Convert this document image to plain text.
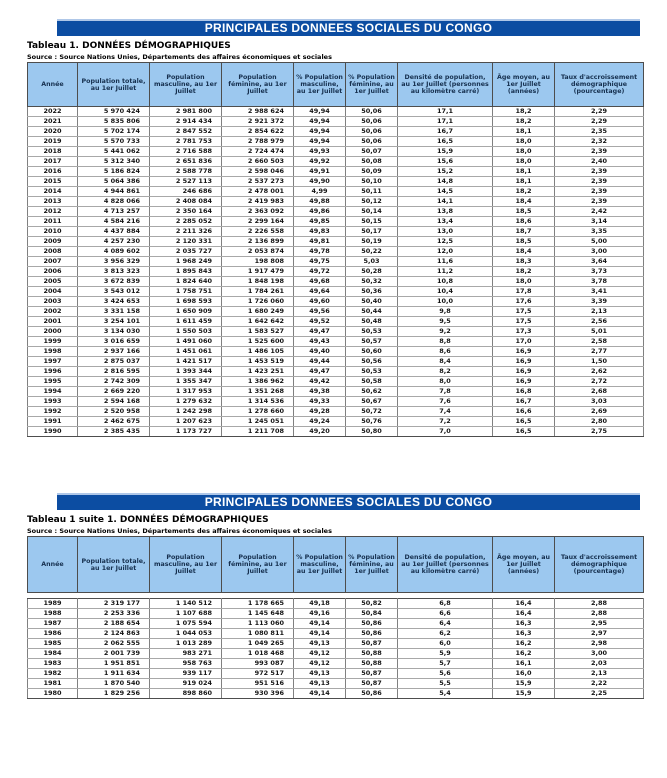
PRINCIPALES DONNEES SOCIALES DU CONGO
Tableau 1. DONNÉES DÉMOGRAPHIQUES
Source : Source Nations Unies, Départements des affaires économiques et sociales
Année	Population totale, au 1er Juillet	Population masculine, au 1er Juillet	Population féminine, au 1er Juillet	% Population masculine, au 1er Juillet	% Population féminine, au 1er Juillet	Densité de population, au 1er Juillet (personnes au kilomètre carré)	Âge moyen, au 1er Juillet (années)	Taux d'accroissement démographique (pourcentage)
2022	5 970 424	2 981 800	2 988 624	49,94	50,06	17,1	18,2	2,29
2021	5 835 806	2 914 434	2 921 372	49,94	50,06	17,1	18,2	2,29
2020	5 702 174	2 847 552	2 854 622	49,94	50,06	16,7	18,1	2,35
2019	5 570 733	2 781 753	2 788 979	49,94	50,06	16,5	18,0	2,32
2018	5 441 062	2 716 588	2 724 474	49,93	50,07	15,9	18,0	2,39
2017	5 312 340	2 651 836	2 660 503	49,92	50,08	15,6	18,0	2,40
2016	5 186 824	2 588 778	2 598 046	49,91	50,09	15,2	18,1	2,39
2015	5 064 386	2 527 113	2 537 273	49,90	50,10	14,8	18,1	2,39
2014	4 944 861	246 686	2 478 001	4,99	50,11	14,5	18,2	2,39
2013	4 828 066	2 408 084	2 419 983	49,88	50,12	14,1	18,4	2,39
2012	4 713 257	2 350 164	2 363 092	49,86	50,14	13,8	18,5	2,42
2011	4 584 216	2 285 052	2 299 164	49,85	50,15	13,4	18,6	3,14
2010	4 437 884	2 211 326	2 226 558	49,83	50,17	13,0	18,7	3,35
2009	4 257 230	2 120 331	2 136 899	49,81	50,19	12,5	18,5	5,00
2008	4 089 602	2 035 727	2 053 874	49,78	50,22	12,0	18,4	3,00
2007	3 956 329	1 968 249	198 808	49,75	5,03	11,6	18,3	3,64
2006	3 813 323	1 895 843	1 917 479	49,72	50,28	11,2	18,2	3,73
2005	3 672 839	1 824 640	1 848 198	49,68	50,32	10,8	18,0	3,78
2004	3 543 012	1 758 751	1 784 261	49,64	50,36	10,4	17,8	3,41
2003	3 424 653	1 698 593	1 726 060	49,60	50,40	10,0	17,6	3,39
2002	3 331 158	1 650 909	1 680 249	49,56	50,44	9,8	17,5	2,13
2001	3 254 101	1 611 459	1 642 642	49,52	50,48	9,5	17,5	2,56
2000	3 134 030	1 550 503	1 583 527	49,47	50,53	9,2	17,3	5,01
1999	3 016 659	1 491 060	1 525 600	49,43	50,57	8,8	17,0	2,58
1998	2 937 166	1 451 061	1 486 105	49,40	50,60	8,6	16,9	2,77
1997	2 875 037	1 421 517	1 453 519	49,44	50,56	8,4	16,9	1,50
1996	2 816 595	1 393 344	1 423 251	49,47	50,53	8,2	16,9	2,62
1995	2 742 309	1 355 347	1 386 962	49,42	50,58	8,0	16,9	2,72
1994	2 669 220	1 317 953	1 351 268	49,38	50,62	7,8	16,8	2,68
1993	2 594 168	1 279 632	1 314 536	49,33	50,67	7,6	16,7	3,03
1992	2 520 958	1 242 298	1 278 660	49,28	50,72	7,4	16,6	2,69
1991	2 462 675	1 207 623	1 245 051	49,24	50,76	7,2	16,5	2,80
1990	2 385 435	1 173 727	1 211 708	49,20	50,80	7,0	16,5	2,75
PRINCIPALES DONNEES SOCIALES DU CONGO
Tableau 1 suite 1. DONNÉES DÉMOGRAPHIQUES
Source : Source Nations Unies, Départements des affaires économiques et sociales
Année	Population totale, au 1er Juillet	Population masculine, au 1er Juillet	Population féminine, au 1er Juillet	% Population masculine, au 1er Juillet	% Population féminine, au 1er Juillet	Densité de population, au 1er Juillet (personnes au kilomètre carré)	Âge moyen, au 1er Juillet (années)	Taux d'accroissement démographique (pourcentage)

1989	2 319 177	1 140 512	1 178 665	49,18	50,82	6,8	16,4	2,88
1988	2 253 336	1 107 688	1 145 648	49,16	50,84	6,6	16,4	2,88
1987	2 188 654	1 075 594	1 113 060	49,14	50,86	6,4	16,3	2,95
1986	2 124 863	1 044 053	1 080 811	49,14	50,86	6,2	16,3	2,97
1985	2 062 555	1 013 289	1 049 265	49,13	50,87	6,0	16,2	2,98
1984	2 001 739	983 271	1 018 468	49,12	50,88	5,9	16,2	3,00
1983	1 951 851	958 763	993 087	49,12	50,88	5,7	16,1	2,03
1982	1 911 634	939 117	972 517	49,13	50,87	5,6	16,0	2,13
1981	1 870 540	919 024	951 516	49,13	50,87	5,5	15,9	2,22
1980	1 829 256	898 860	930 396	49,14	50,86	5,4	15,9	2,25
